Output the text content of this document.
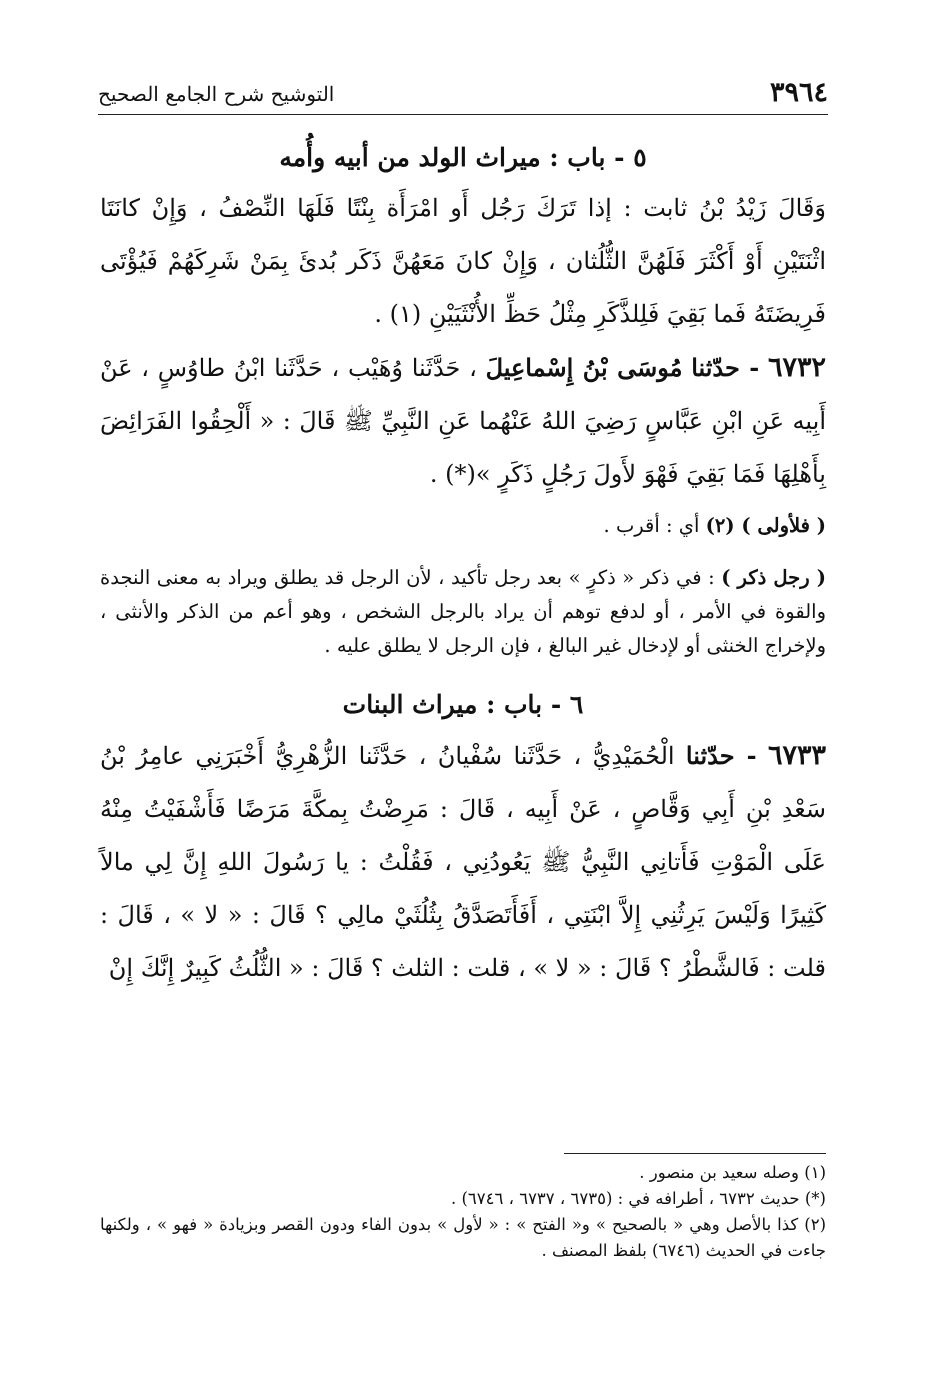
٣٩٦٤
التوشيح شرح الجامع الصحيح
٥ - باب : ميراث الولد من أبيه وأُمه

وَقَالَ زَيْدُ بْنُ ثابت : إذا تَرَكَ رَجُل أَو امْرَأَة بِنْتًا فَلَهَا النِّصْفُ ، وَإِنْ كانَتَا اثْنَتَيْنِ أَوْ أَكْثَرَ فَلَهُنَّ الثُّلُثان ، وَإِنْ كانَ مَعَهُنَّ ذَكَر بُدئَ بِمَنْ شَرِكَهُمْ فَيُؤْتَى فَرِيضَتَهُ فَما بَقِيَ فَلِلذَّكَرِ مِثْلُ حَظِّ الأُنْثَيَيْنِ (١) .

٦٧٣٢ - حدّثنا مُوسَى بْنُ إِسْماعِيلَ ، حَدَّثَنا وُهَيْب ، حَدَّثَنا ابْنُ طاوُسٍ ، عَنْ أَبِيه عَنِ ابْنِ عَبَّاسٍ رَضِيَ اللهُ عَنْهُما عَنِ النَّبِيِّ ﷺ قَالَ : « أَلْحِقُوا الفَرَائِضَ بِأَهْلِهَا فَمَا بَقِيَ فَهْوَ لأَولَ رَجُلٍ ذَكَرٍ »(*) .

( فلأولى ) (٢) أي : أقرب .

( رجل ذكر ) : في ذكر « ذكرٍ » بعد رجل تأكيد ، لأن الرجل قد يطلق ويراد به معنى النجدة والقوة في الأمر ، أو لدفع توهم أن يراد بالرجل الشخص ، وهو أعم من الذكر والأنثى ، ولإخراج الخنثى أو لإدخال غير البالغ ، فإن الرجل لا يطلق عليه .

٦ - باب : ميراث البنات

٦٧٣٣ - حدّثنا الْحُمَيْدِيُّ ، حَدَّثَنا سُفْيانُ ، حَدَّثَنا الزُّهْرِيُّ أَخْبَرَنِي عامِرُ بْنُ سَعْدِ بْنِ أَبِي وَقَّاصٍ ، عَنْ أَبِيه ، قَالَ : مَرِضْتُ بِمكَّةَ مَرَضًا فَأَشْفَيْتُ مِنْهُ عَلَى الْمَوْتِ فَأَتانِي النَّبِيُّ ﷺ يَعُودُنِي ، فَقُلْتُ : يا رَسُولَ اللهِ إِنَّ لِي مالاً كَثِيرًا وَلَيْسَ يَرِثُنِي إِلاَّ ابْنَتِي ، أَفَأَتَصَدَّقُ بِثُلُثَيْ مالِي ؟ قَالَ : « لا » ، قَالَ : قلت : فَالشَّطْرُ ؟ قَالَ : « لا » ، قلت : الثلث ؟ قَالَ : « الثُّلُثُ كَبِيرٌ إِنَّكَ إِنْ

(١) وصله سعيد بن منصور .

(*) حديث ٦٧٣٢ ، أطرافه في : (٦٧٣٥ ، ٦٧٣٧ ، ٦٧٤٦) .

(٢) كذا بالأصل وهي « بالصحيح » و« الفتح » : « لأول » بدون الفاء ودون القصر وبزيادة « فهو » ، ولكنها جاءت في الحديث (٦٧٤٦) بلفظ المصنف .
